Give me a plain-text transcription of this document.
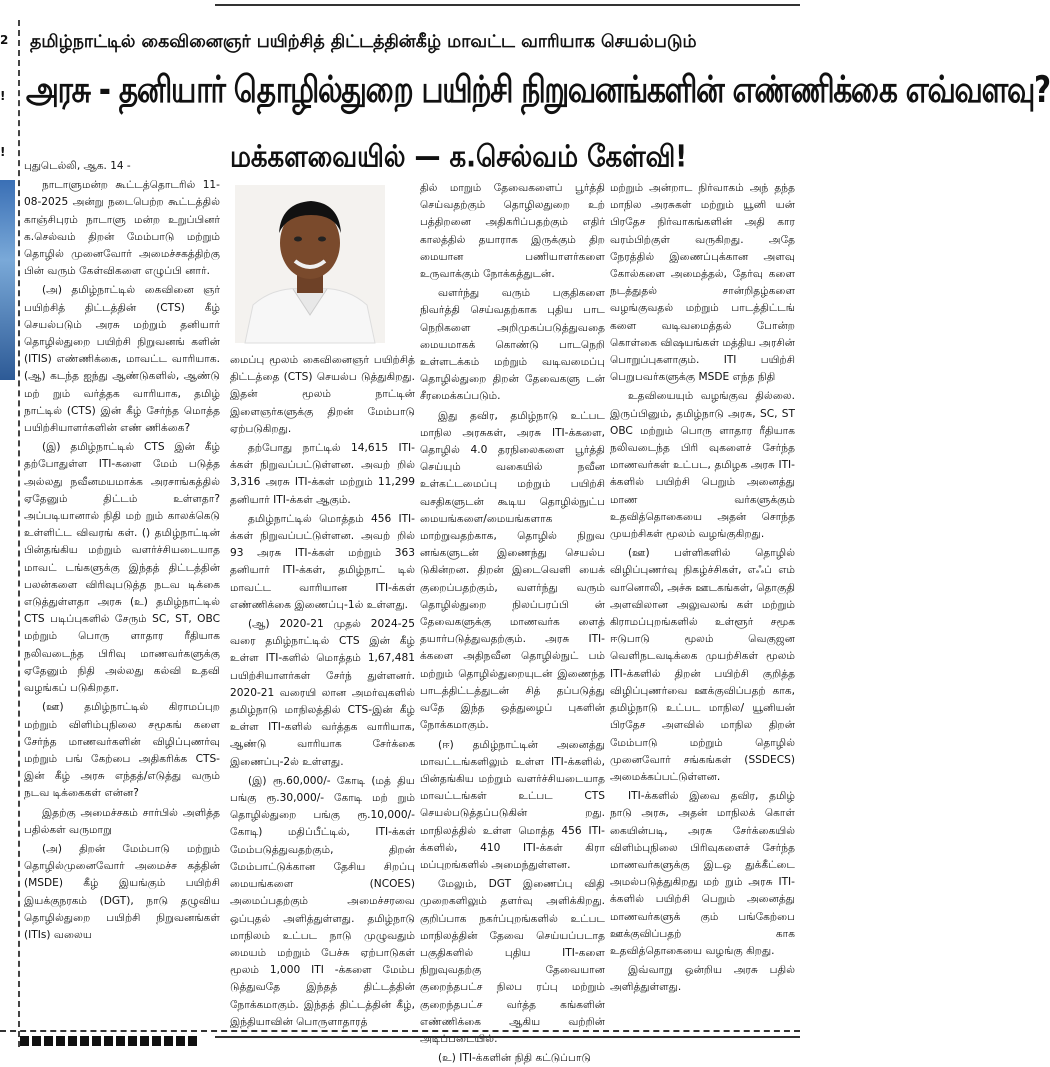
2
!
!
தமிழ்நாட்டில் கைவினைஞர் பயிற்சித் திட்டத்தின்கீழ் மாவட்ட வாரியாக செயல்படும்
அரசு - தனியார் தொழில்துறை பயிற்சி நிறுவனங்களின் எண்ணிக்கை எவ்வளவு?
மக்களவையில் — க.செல்வம் கேள்வி!
புதுடெல்லி, ஆக. 14 -

நாடாளுமன்ற கூட்டத்தொடரில் 11-08-2025 அன்று நடைபெற்ற கூட்டத்தில் காஞ்சிபுரம் நாடாளு மன்ற உறுப்பினர் க.செல்வம் திறன் மேம்பாடு மற்றும் தொழில் முனைவோர் அமைச்சகத்திற்கு பின் வரும் கேள்விகளை எழுப்பி னார்.

(அ) தமிழ்நாட்டில் கைவினை ஞர் பயிற்சித் திட்டத்தின் (CTS) கீழ் செயல்படும் அரசு மற்றும் தனியார் தொழில்துறை பயிற்சி நிறுவனங் களின் (ITIS) எண்ணிக்கை, மாவட்ட வாரியாக. (ஆ) கடந்த ஐந்து ஆண்டுகளில், ஆண்டு மற் றும் வர்த்தக வாரியாக, தமிழ் நாட்டில் (CTS) இன் கீழ் சேர்ந்த மொத்த பயிற்சியாளர்களின் எண் ணிக்கை?

(இ) தமிழ்நாட்டில் CTS இன் கீழ் தற்போதுள்ள ITI-களை மேம் படுத்த அல்லது நவீனமயமாக்க அரசாங்கத்தில் ஏதேனும் திட்டம் உள்ளதா? அப்படியானால் நிதி மற் றும் காலக்கெடு உள்ளிட்ட விவரங் கள். () தமிழ்நாட்டின் பின்தங்கிய மற்றும் வளர்ச்சியடையாத மாவட் டங்களுக்கு இந்தத் திட்டத்தின் பலன்களை விரிவுபடுத்த நடவ டிக்கை எடுத்துள்ளதா அரசு (உ) தமிழ்நாட்டில் CTS படிப்புகளில் சேரும் SC, ST, OBC மற்றும் பொரு ளாதார ரீதியாக நலிவடைந்த பிரிவு மாணவர்களுக்கு ஏதேனும் நிதி அல்லது கல்வி உதவி வழங்கப் படுகிறதா.

(ஊ) தமிழ்நாட்டில் கிராமப்புற மற்றும் விளிம்புநிலை சமூகங் களை சேர்ந்த மாணவர்களின் விழிப்புணர்வு மற்றும் பங் கேற்பை அதிகரிக்க CTS-இன் கீழ் அரசு எந்தத்/எடுத்து வரும் நடவ டிக்கைகள் என்ன?

இதற்கு அமைச்சகம் சார்பில் அளித்த பதில்கள் வருமாறு

(அ) திறன் மேம்பாடு மற்றும் தொழில்முனைவோர் அமைச்ச கத்தின் (MSDE) கீழ் இயங்கும் பயிற்சி இயக்குநரகம் (DGT), நாடு தழுவிய தொழில்துறை பயிற்சி நிறுவனங்கள் (ITIs) வலைய

மைப்பு மூலம் கைவினைஞர் பயிற்சித் திட்டத்தை (CTS) செயல்ப டுத்துகிறது. இதன் மூலம் நாட்டின் இளைஞர்களுக்கு திறன் மேம்பாடு ஏற்படுகிறது.

தற்போது நாட்டில் 14,615 ITI-க்கள் நிறுவப்பட்டுள்ளன. அவற் றில் 3,316 அரசு ITI-க்கள் மற்றும் 11,299 தனியார் ITI-க்கள் ஆகும்.

தமிழ்நாட்டில் மொத்தம் 456 ITI-க்கள் நிறுவப்பட்டுள்ளன. அவற் றில் 93 அரசு ITI-க்கள் மற்றும் 363 தனியார் ITI-க்கள், தமிழ்நாட் டில் மாவட்ட வாரியான ITI-க்கள் எண்ணிக்கை இணைப்பு-1ல் உள்ளது.

(ஆ) 2020-21 முதல் 2024-25 வரை தமிழ்நாட்டில் CTS இன் கீழ் உள்ள ITI-களில் மொத்தம் 1,67,481 பயிற்சியாளர்கள் சேர்ந் துள்ளனர். 2020-21 வரையி லான அமர்வுகளில் தமிழ்நாடு மாநிலத்தில் CTS-இன் கீழ் உள்ள ITI-களில் வர்த்தக வாரியாக, ஆண்டு வாரியாக சேர்க்கை இணைப்பு-2ல் உள்ளது.

(இ) ரூ.60,000/- கோடி (மத் திய பங்கு ரூ.30,000/- கோடி மற் றும் தொழில்துறை பங்கு ரூ.10,000/- கோடி) மதிப்பீட்டில், ITI-க்கள் மேம்படுத்துவதற்கும், திறன் மேம்பாட்டுக்கான தேசிய சிறப்பு மையங்களை (NCOES) அமைப்பதற்கும் அமைச்சரவை ஒப்புதல் அளித்துள்ளது. தமிழ்நாடு மாநிலம் உட்பட நாடு முழுவதும் மையம் மற்றும் பேச்சு ஏற்பாடுகள் மூலம் 1,000 ITI -க்களை மேம்ப டுத்துவதே இந்தத் திட்டத்தின் நோக்கமாகும். இந்தத் திட்டத்தின் கீழ், இந்தியாவின் பொருளாதாரத்

தில் மாறும் தேவைகளைப் பூர்த்தி செய்வதற்கும் தொழிலதுறை உற் பத்திறனை அதிகரிப்பதற்கும் எதிர் காலத்தில் தயாராக இருக்கும் திற மையான பணியாளர்களை உருவாக்கும் நோக்கத்துடன்.

வளர்ந்து வரும் பகுதிகளை நிவர்த்தி செய்வதற்காக புதிய பாட நெறிகளை அறிமுகப்படுத்துவதை மையமாகக் கொண்டு பாடநெறி உள்ளடக்கம் மற்றும் வடிவமைப்பு தொழில்துறை திறன் தேவைகளு டன் சீரமைக்கப்படும்.

இது தவிர, தமிழ்நாடு உட்பட மாநில அரசுகள், அரசு ITI-க்களை, தொழில் 4.0 தரநிலைகளை பூர்த்தி செய்யும் வகையில் நவீன உள்கட்டமைப்பு மற்றும் பயிற்சி வசதிகளுடன் கூடிய தொழில்நுட்ப மையங்களை/மையங்களாக மாற்றுவதற்காக, தொழில் நிறுவ னங்களுடன் இணைந்து செயல்ப டுகின்றன. திறன் இடைவெளி யைக் குறைப்பதற்கும், வளர்ந்து வரும் தொழில்துறை நிலப்பரப்பி ன் தேவைகளுக்கு மாணவர்க ளைத் தயார்படுத்துவதற்கும். அரசு ITI-க்களை அதிநவீன தொழில்நுட் பம் மற்றும் தொழில்துறையுடன் இணைந்த பாடத்திட்டத்துடன் சித் தப்படுத்து வதே இந்த ஒத்துழைப் புகளின் நோக்கமாகும்.

(ஈ) தமிழ்நாட்டின் அனைத்து மாவட்டங்களிலும் உள்ள ITI-க்களில், பின்தங்கிய மற்றும் வளர்ச்சியடையாத மாவட்டங்கள் உட்பட CTS செயல்படுத்தப்படுகின் றது. மாநிலத்தில் உள்ள மொத்த 456 ITI-க்களில், 410 ITI-க்கள் கிரா மப்புறங்களில் அமைந்துள்ளன.

மேலும், DGT இணைப்பு விதி முறைகளிலும் தளர்வு அளிக்கிறது. குறிப்பாக நகர்ப்புறங்களில் உட்பட மாநிலத்தின் தேவை செய்யப்படாத பகுதிகளில் புதிய ITI-களை நிறுவுவதற்கு தேவையான குறைந்தபட்ச நிலப ரப்பு மற்றும் குறைந்தபட்ச வர்த்த கங்களின் எண்ணிக்கை ஆகிய வற்றின் அடிப்படையில்.

(உ) ITI-க்களின் நிதி கட்டுப்பாடு

மற்றும் அன்றாட நிர்வாகம் அந் தந்த மாநில அரசுகள் மற்றும் யூனி யன் பிரதேச நிர்வாகங்களின் அதி கார வரம்பிற்குள் வருகிறது. அதே நேரத்தில் இணைப்புக்கான அளவு கோல்களை அமைத்தல், தேர்வு களை நடத்துதல் சான்றிதழ்களை வழங்குவதல் மற்றும் பாடத்திட்டங் களை வடிவமைத்தல் போன்ற கொள்கை விஷயங்கள் மத்திய அரசின் பொறுப்புகளாகும். ITI பயிற்சி பெறுபவர்களுக்கு MSDE எந்த நிதி

உதவியையும் வழங்குவ தில்லை. இருப்பினும், தமிழ்நாடு அரசு, SC, ST OBC மற்றும் பொரு ளாதார ரீதியாக நலிவடைந்த பிரி வுகளைச் சேர்ந்த மாணவர்கள் உட்பட, தமிழக அரசு ITI-க்களில் பயிற்சி பெறும் அனைத்து மாண வர்களுக்கும் உதவித்தொகையை அதன் சொந்த முயற்சிகள் மூலம் வழங்குகிறது.

(ஊ) பள்ளிகளில் தொழில் விழிப்புணர்வு நிகழ்ச்சிகள், எஃப் எம் வானொலி, அச்சு ஊடகங்கள், தொகுதி அளவிலான அலுவலங் கள் மற்றும் கிராமப்புறங்களில் உள்ளூர் சமூக ஈடுபாடு மூலம் வெகுஜன வெளிநடவடிக்கை முயற்சிகள் மூலம் ITI-க்களில் திறன் பயிற்சி குறித்த விழிப்புணர்வை ஊக்குவிப்பதற் காக, தமிழ்நாடு உட்பட மாநில/ யூனியன் பிரதேச அளவில் மாநில திறன் மேம்பாடு மற்றும் தொழில் முனைவோர் சங்கங்கள் (SSDECS) அமைக்கப்பட்டுள்ளன.

ITI-க்களில் இவை தவிர, தமிழ் நாடு அரசு, அதன் மாநிலக் கொள் கையின்படி, அரசு சேர்க்கையில் விளிம்புநிலை பிரிவுகளைச் சேர்ந்த மாணவர்களுக்கு இடஒ துக்கீட்டை அமல்படுத்துகிறது மற் றும் அரசு ITI-க்களில் பயிற்சி பெறும் அனைத்து மாணவர்களுக் கும் பங்கேற்பை ஊக்குவிப்பதற் காக உதவித்தொகையை வழங்கு கிறது.

இவ்வாறு ஒன்றிய அரசு பதில் அளித்துள்ளது.
